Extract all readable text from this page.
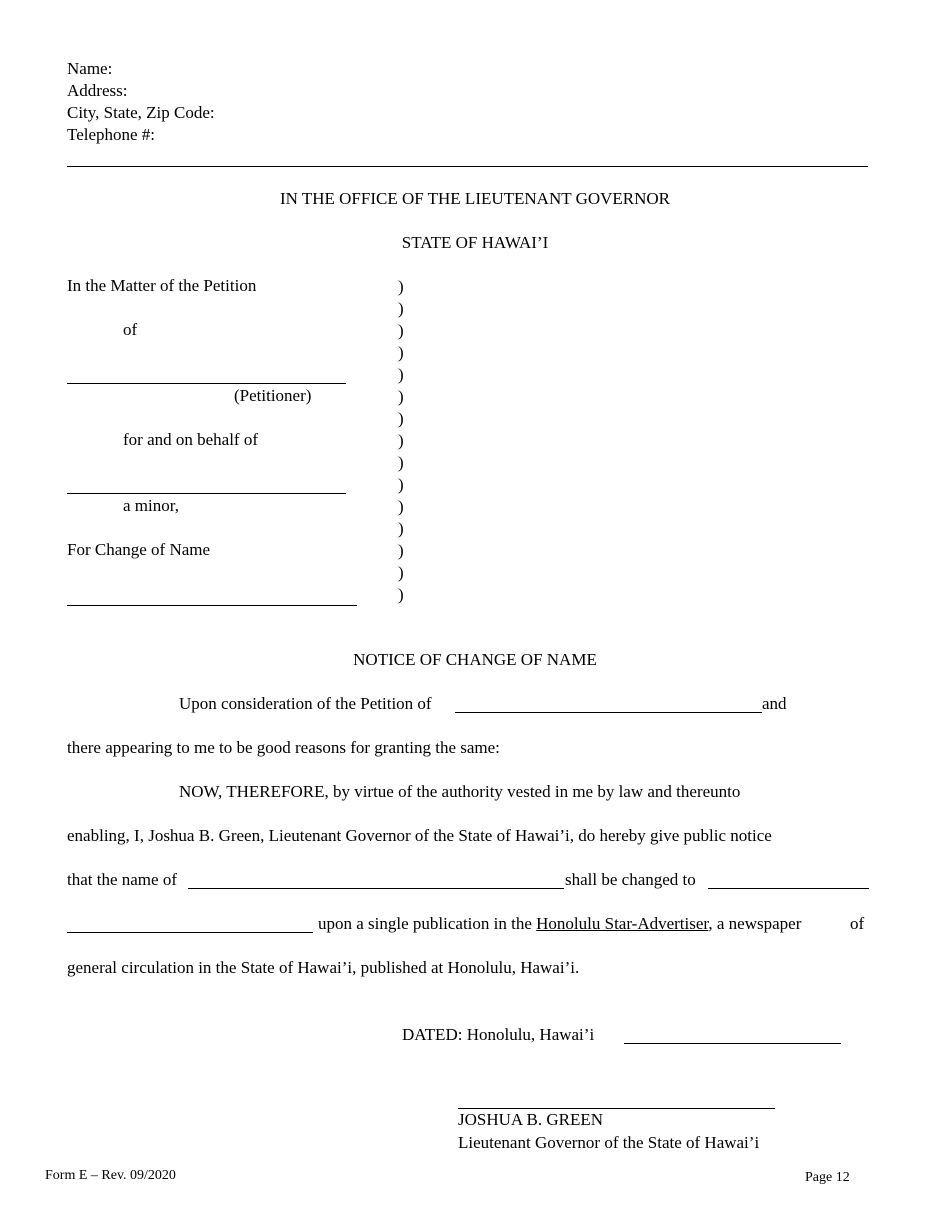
Name:
Address:
City, State, Zip Code:
Telephone #:
IN THE OFFICE OF THE LIEUTENANT GOVERNOR
STATE OF HAWAI’I
In the Matter of the Petition
of
(Petitioner)
for and on behalf of
a minor,
For Change of Name
)
)
)
)
)
)
)
)
)
)
)
)
)
)
)
NOTICE OF CHANGE OF NAME
Upon consideration of the Petition of	and
there appearing to me to be good reasons for granting the same:
NOW, THEREFORE, by virtue of the authority vested in me by law and thereunto
enabling, I, Joshua B. Green, Lieutenant Governor of the State of Hawai’i, do hereby give public notice
that the name of	shall be changed to
upon a single publication in the Honolulu Star-Advertiser, a newspaper	of
general circulation in the State of Hawai’i, published at Honolulu, Hawai’i.
DATED: Honolulu, Hawai’i
JOSHUA B. GREEN
Lieutenant Governor of the State of Hawai’i
Form E – Rev. 09/2020	Page 12
